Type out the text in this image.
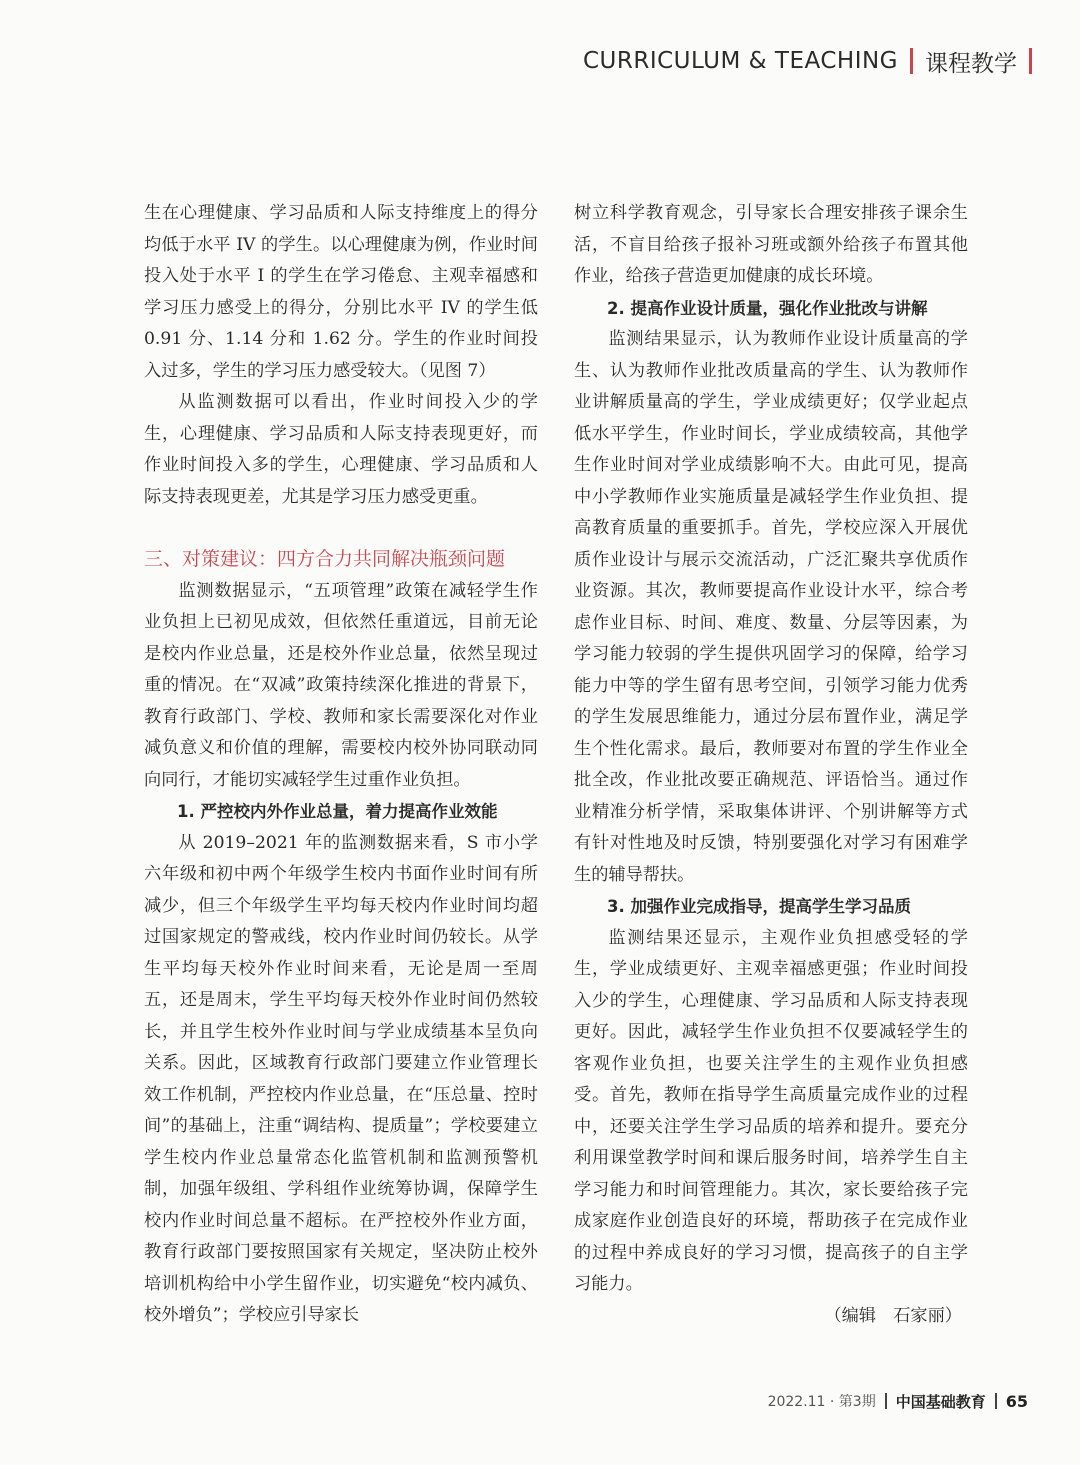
CURRICULUM & TEACHING 课程教学

生在心理健康、学习品质和人际支持维度上的得分均低于水平 IV 的学生。以心理健康为例，作业时间投入处于水平 I 的学生在学习倦怠、主观幸福感和学习压力感受上的得分，分别比水平 IV 的学生低 0.91 分、1.14 分和 1.62 分。学生的作业时间投入过多，学生的学习压力感受较大。（见图 7）

从监测数据可以看出，作业时间投入少的学生，心理健康、学习品质和人际支持表现更好，而作业时间投入多的学生，心理健康、学习品质和人际支持表现更差，尤其是学习压力感受更重。

三、对策建议：四方合力共同解决瓶颈问题

监测数据显示，“五项管理”政策在减轻学生作业负担上已初见成效，但依然任重道远，目前无论是校内作业总量，还是校外作业总量，依然呈现过重的情况。在“双减”政策持续深化推进的背景下，教育行政部门、学校、教师和家长需要深化对作业减负意义和价值的理解，需要校内校外协同联动同向同行，才能切实减轻学生过重作业负担。

1. 严控校内外作业总量，着力提高作业效能

从 2019–2021 年的监测数据来看，S 市小学六年级和初中两个年级学生校内书面作业时间有所减少，但三个年级学生平均每天校内作业时间均超过国家规定的警戒线，校内作业时间仍较长。从学生平均每天校外作业时间来看，无论是周一至周五，还是周末，学生平均每天校外作业时间仍然较长，并且学生校外作业时间与学业成绩基本呈负向关系。因此，区域教育行政部门要建立作业管理长效工作机制，严控校内作业总量，在“压总量、控时间”的基础上，注重“调结构、提质量”；学校要建立学生校内作业总量常态化监管机制和监测预警机制，加强年级组、学科组作业统筹协调，保障学生校内作业时间总量不超标。在严控校外作业方面，教育行政部门要按照国家有关规定，坚决防止校外培训机构给中小学生留作业，切实避免“校内减负、校外增负”；学校应引导家长

树立科学教育观念，引导家长合理安排孩子课余生活，不盲目给孩子报补习班或额外给孩子布置其他作业，给孩子营造更加健康的成长环境。

2. 提高作业设计质量，强化作业批改与讲解

监测结果显示，认为教师作业设计质量高的学生、认为教师作业批改质量高的学生、认为教师作业讲解质量高的学生，学业成绩更好；仅学业起点低水平学生，作业时间长，学业成绩较高，其他学生作业时间对学业成绩影响不大。由此可见，提高中小学教师作业实施质量是减轻学生作业负担、提高教育质量的重要抓手。首先，学校应深入开展优质作业设计与展示交流活动，广泛汇聚共享优质作业资源。其次，教师要提高作业设计水平，综合考虑作业目标、时间、难度、数量、分层等因素，为学习能力较弱的学生提供巩固学习的保障，给学习能力中等的学生留有思考空间，引领学习能力优秀的学生发展思维能力，通过分层布置作业，满足学生个性化需求。最后，教师要对布置的学生作业全批全改，作业批改要正确规范、评语恰当。通过作业精准分析学情，采取集体讲评、个别讲解等方式有针对性地及时反馈，特别要强化对学习有困难学生的辅导帮扶。

3. 加强作业完成指导，提高学生学习品质

监测结果还显示，主观作业负担感受轻的学生，学业成绩更好、主观幸福感更强；作业时间投入少的学生，心理健康、学习品质和人际支持表现更好。因此，减轻学生作业负担不仅要减轻学生的客观作业负担，也要关注学生的主观作业负担感受。首先，教师在指导学生高质量完成作业的过程中，还要关注学生学习品质的培养和提升。要充分利用课堂教学时间和课后服务时间，培养学生自主学习能力和时间管理能力。其次，家长要给孩子完成家庭作业创造良好的环境，帮助孩子在完成作业的过程中养成良好的学习习惯，提高孩子的自主学习能力。

（编辑　石家丽）

2022.11 · 第3期 中国基础教育 65
